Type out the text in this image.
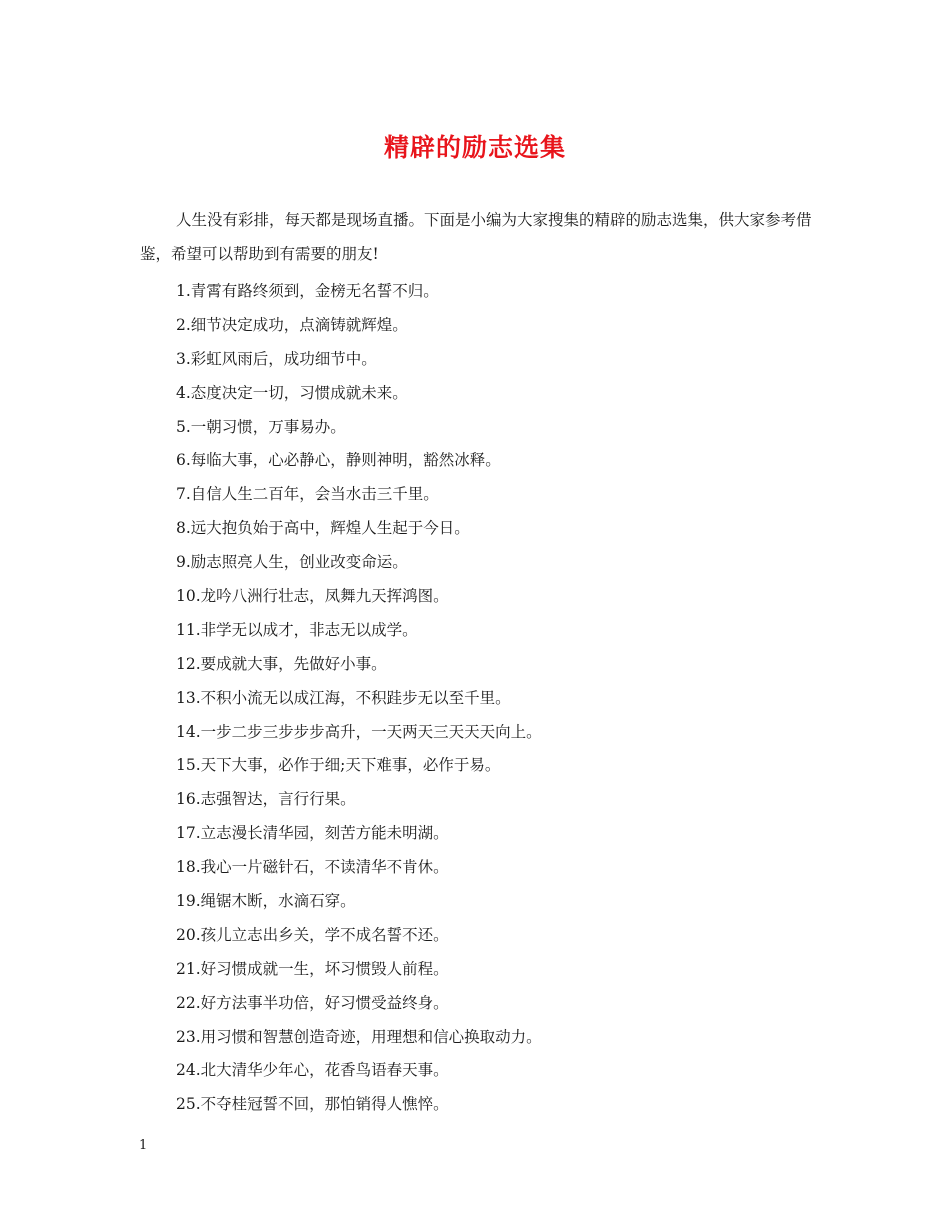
精辟的励志选集

人生没有彩排，每天都是现场直播。下面是小编为大家搜集的精辟的励志选集，供大家参考借鉴，希望可以帮助到有需要的朋友!

1.青霄有路终须到，金榜无名誓不归。
2.细节决定成功，点滴铸就辉煌。
3.彩虹风雨后，成功细节中。
4.态度决定一切，习惯成就未来。
5.一朝习惯，万事易办。
6.每临大事，心必静心，静则神明，豁然冰释。
7.自信人生二百年，会当水击三千里。
8.远大抱负始于高中，辉煌人生起于今日。
9.励志照亮人生，创业改变命运。
10.龙吟八洲行壮志，凤舞九天挥鸿图。
11.非学无以成才，非志无以成学。
12.要成就大事，先做好小事。
13.不积小流无以成江海，不积跬步无以至千里。
14.一步二步三步步步高升，一天两天三天天天向上。
15.天下大事，必作于细;天下难事，必作于易。
16.志强智达，言行行果。
17.立志漫长清华园，刻苦方能未明湖。
18.我心一片磁针石，不读清华不肯休。
19.绳锯木断，水滴石穿。
20.孩儿立志出乡关，学不成名誓不还。
21.好习惯成就一生，坏习惯毁人前程。
22.好方法事半功倍，好习惯受益终身。
23.用习惯和智慧创造奇迹，用理想和信心换取动力。
24.北大清华少年心，花香鸟语春天事。
25.不夺桂冠誓不回，那怕销得人憔悴。
1
